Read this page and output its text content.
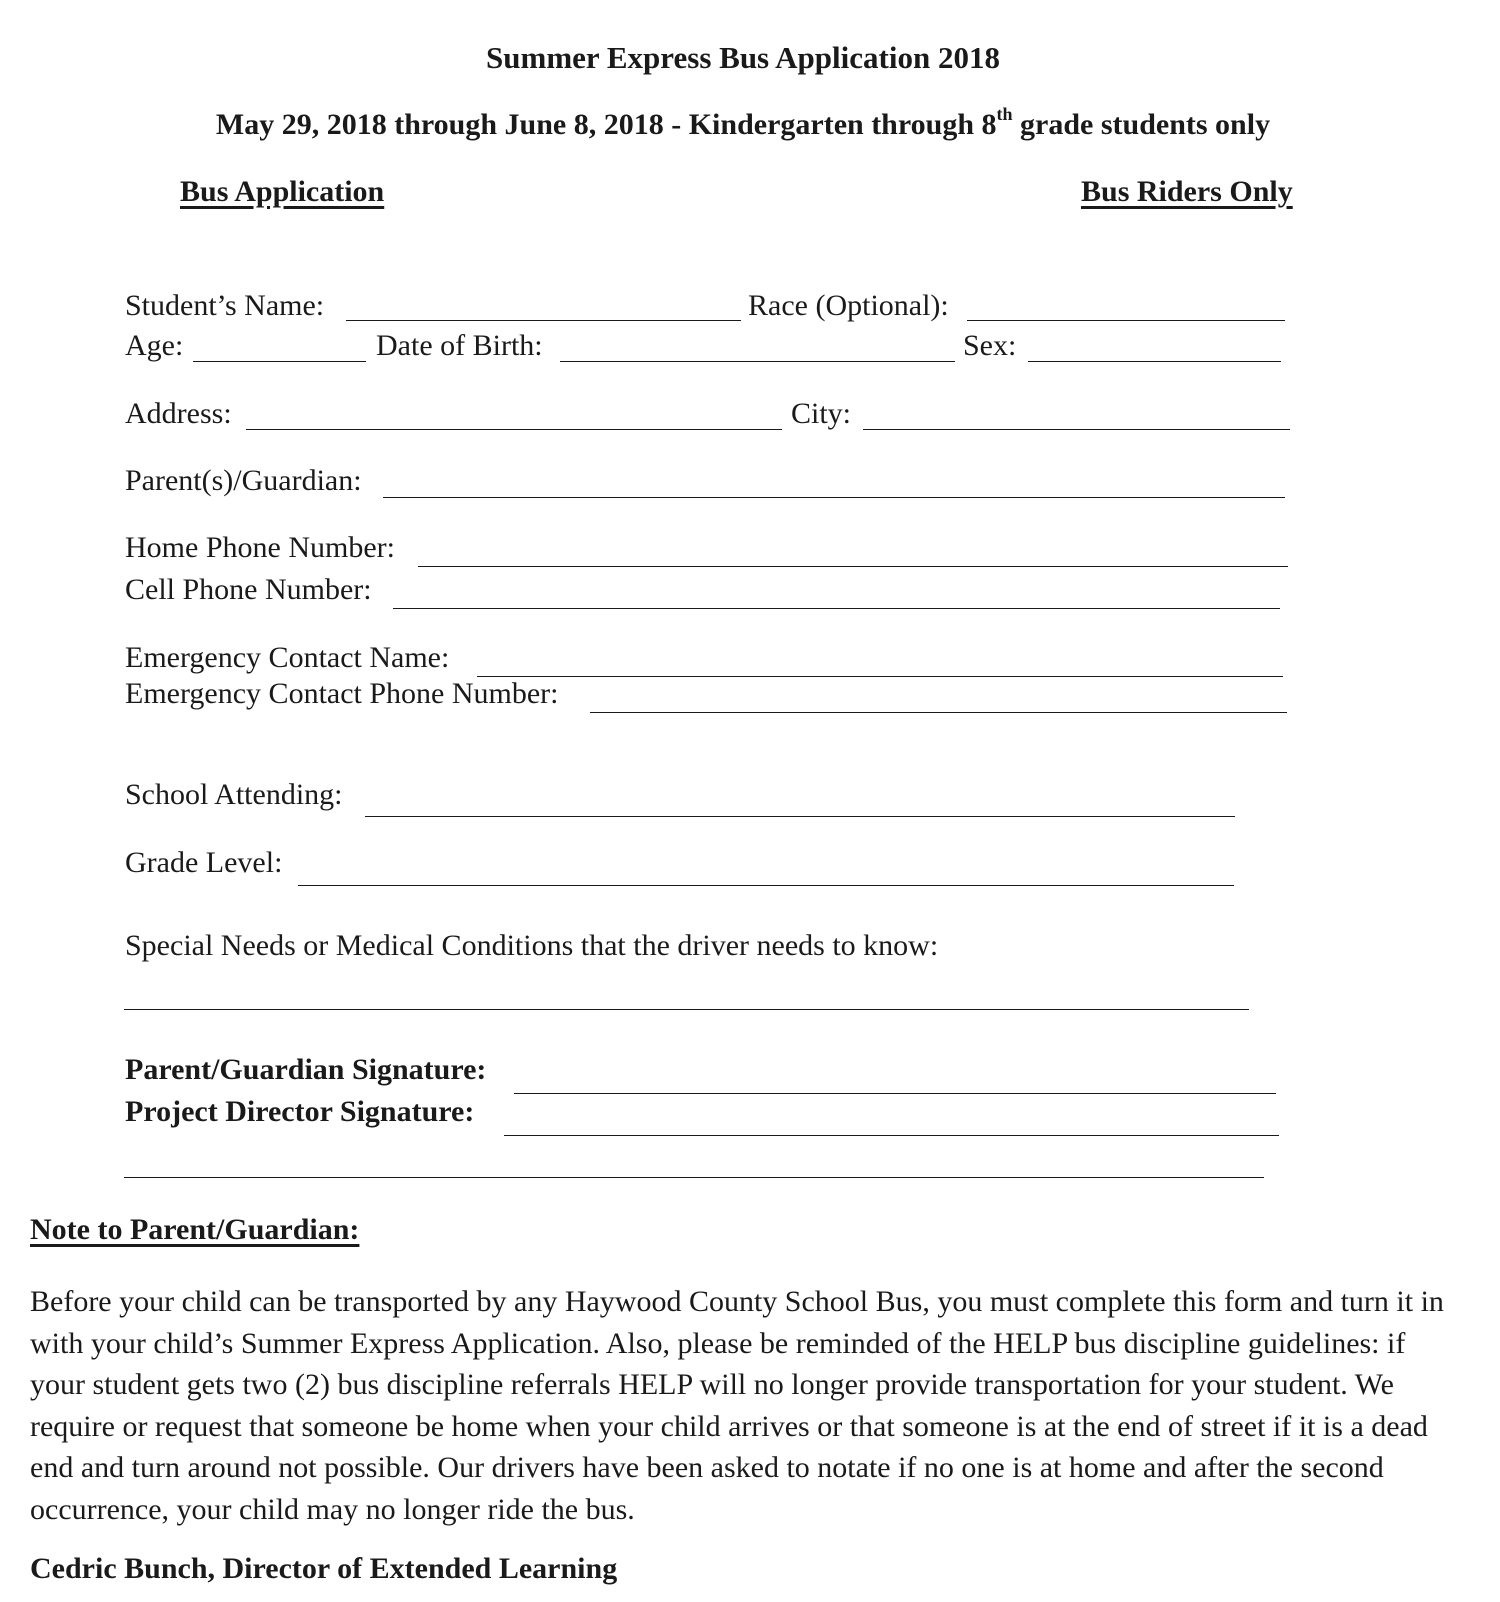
Summer Express Bus Application 2018
May 29, 2018 through June 8, 2018 - Kindergarten through 8th grade students only
Bus Application	Bus Riders Only
Student’s Name:	Race (Optional):
Age:	Date of Birth:	Sex:
Address:	City:
Parent(s)/Guardian:
Home Phone Number:
Cell Phone Number:
Emergency Contact Name:
Emergency Contact Phone Number:
School Attending:
Grade Level:
Special Needs or Medical Conditions that the driver needs to know:
Parent/Guardian Signature:
Project Director Signature:
Note to Parent/Guardian:
Before your child can be transported by any Haywood County School Bus, you must complete this form and turn it in with your child’s Summer Express Application. Also, please be reminded of the HELP bus discipline guidelines: if your student gets two (2) bus discipline referrals HELP will no longer provide transportation for your student. We require or request that someone be home when your child arrives or that someone is at the end of street if it is a dead end and turn around not possible. Our drivers have been asked to notate if no one is at home and after the second occurrence, your child may no longer ride the bus.
Cedric Bunch, Director of Extended Learning
